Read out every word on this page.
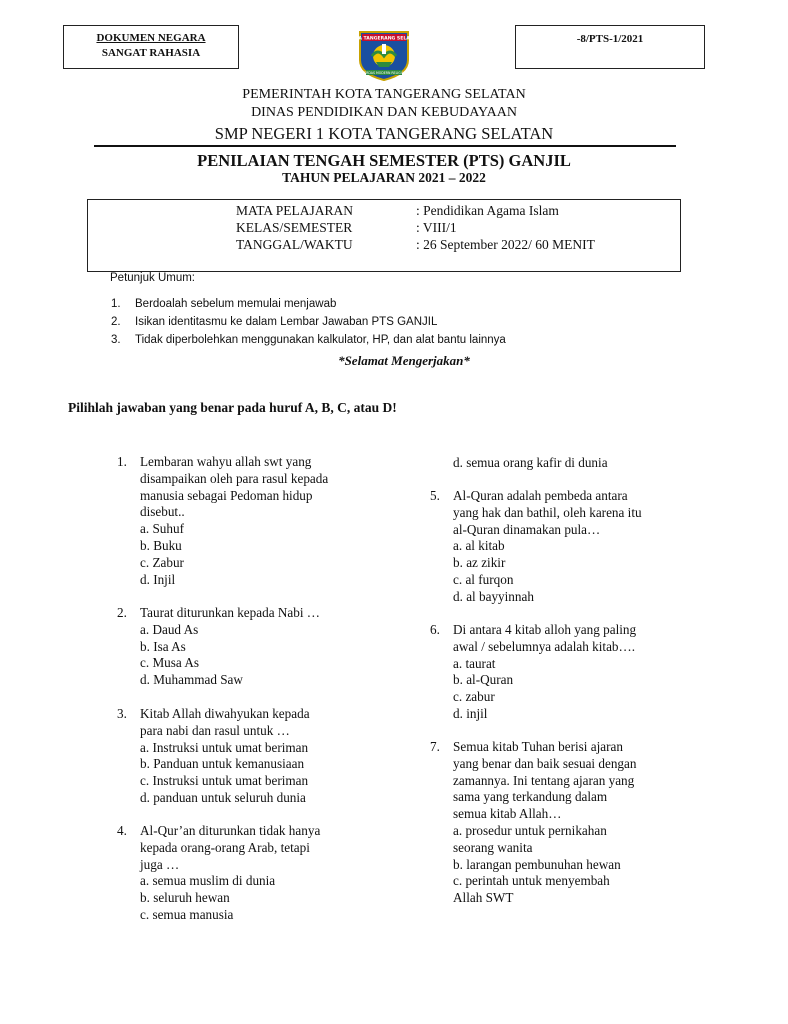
DOKUMEN NEGARA
SANGAT RAHASIA
-8/PTS-1/2021
KOTA TANGERANG SELATAN
CERDAS MODERN RELIGIUS
PEMERINTAH KOTA TANGERANG SELATAN
DINAS PENDIDIKAN DAN KEBUDAYAAN
SMP NEGERI 1 KOTA TANGERANG SELATAN
PENILAIAN TENGAH SEMESTER (PTS) GANJIL
TAHUN PELAJARAN 2021 – 2022
MATA PELAJARAN	: Pendidikan Agama Islam
KELAS/SEMESTER	: VIII/1
TANGGAL/WAKTU	: 26 September 2022/ 60 MENIT
Petunjuk Umum:
1. Berdoalah sebelum memulai menjawab
2. Isikan identitasmu ke dalam Lembar Jawaban PTS GANJIL
3. Tidak diperbolehkan menggunakan kalkulator, HP, dan alat bantu lainnya
*Selamat Mengerjakan*
Pilihlah jawaban yang benar pada huruf A, B, C, atau D!
1. Lembaran wahyu allah swt yang
disampaikan oleh para rasul kepada
manusia sebagai Pedoman hidup
disebut..
a. Suhuf
b. Buku
c. Zabur
d. Injil
2. Taurat diturunkan kepada Nabi …
a. Daud As
b. Isa As
c. Musa As
d. Muhammad Saw
3. Kitab Allah diwahyukan kepada
para nabi dan rasul untuk …
a. Instruksi untuk umat beriman
b. Panduan untuk kemanusiaan
c. Instruksi untuk umat beriman
d. panduan untuk seluruh dunia
4. Al-Qur’an diturunkan tidak hanya
kepada orang-orang Arab, tetapi
juga …
a. semua muslim di dunia
b. seluruh hewan
c. semua manusia
d. semua orang kafir di dunia
5. Al-Quran adalah pembeda antara
yang hak dan bathil, oleh karena itu
al-Quran dinamakan pula…
a. al kitab
b. az zikir
c. al furqon
d. al bayyinnah
6. Di antara 4 kitab alloh yang paling
awal / sebelumnya adalah kitab….
a. taurat
b. al-Quran
c. zabur
d. injil
7. Semua kitab Tuhan berisi ajaran
yang benar dan baik sesuai dengan
zamannya. Ini tentang ajaran yang
sama yang terkandung dalam
semua kitab Allah…
a. prosedur untuk pernikahan
seorang wanita
b. larangan pembunuhan hewan
c. perintah untuk menyembah
Allah SWT
